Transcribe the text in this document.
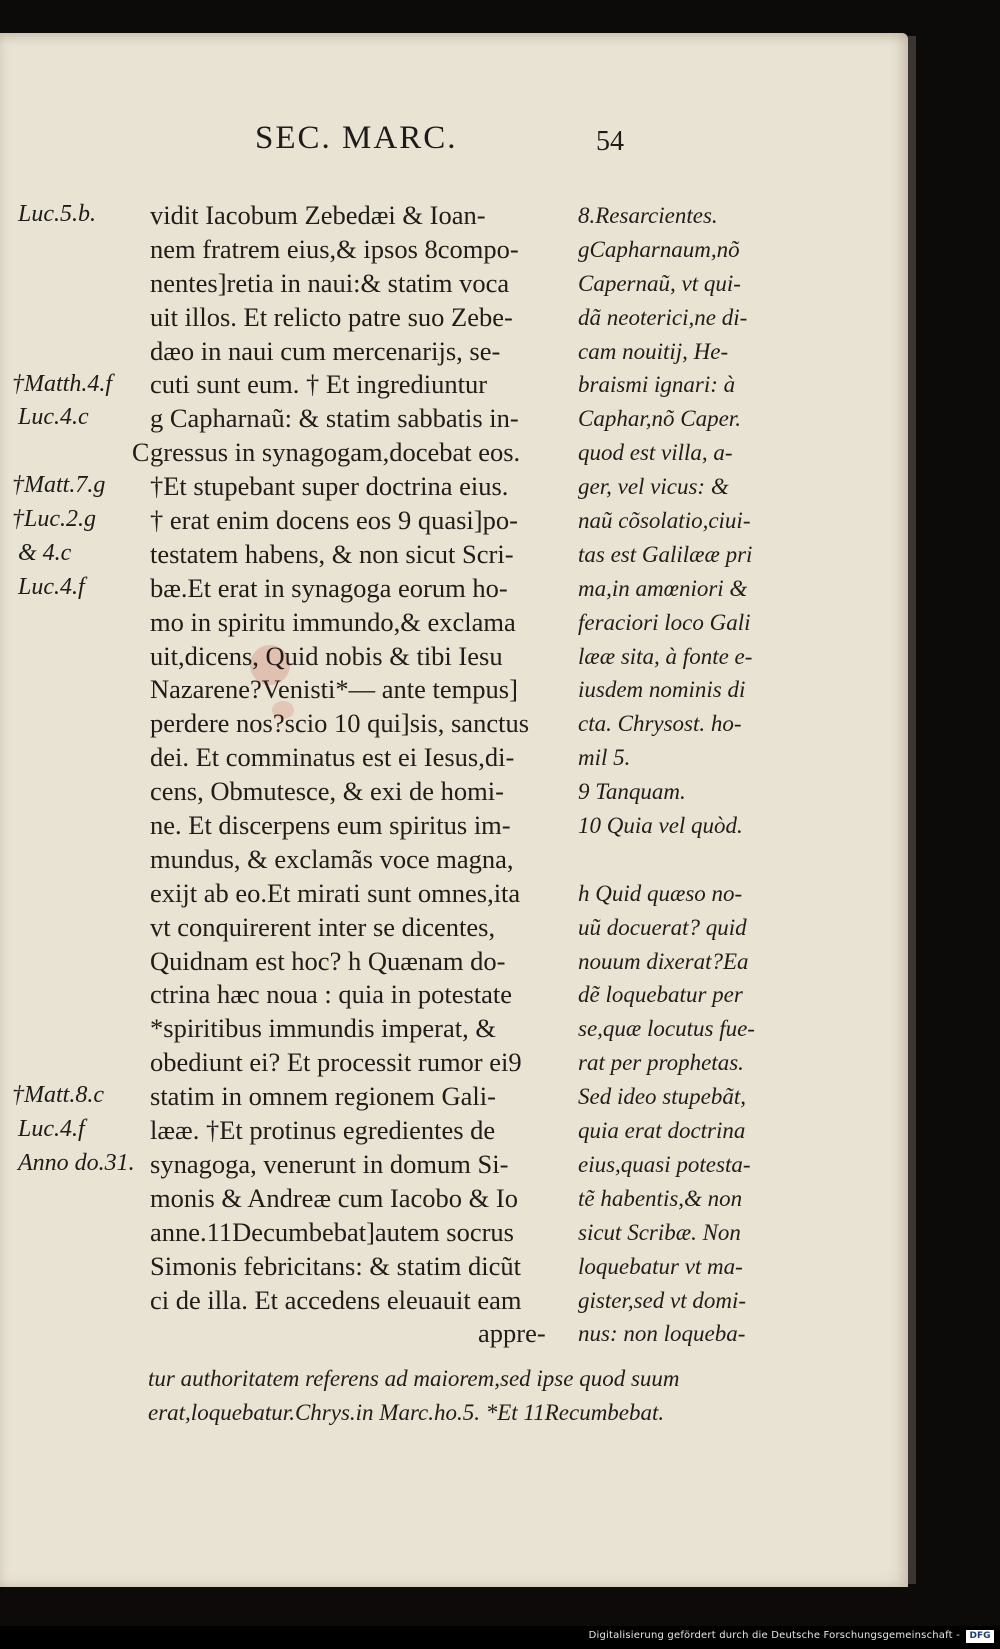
SEC. MARC.	54
Luc.5.b.
†Matth.4.f
Luc.4.c
C
†Matt.7.g
†Luc.2.g
& 4.c
Luc.4.f
†Matt.8.c
Luc.4.f
Anno do.31.
vidit Iacobum Zebedæi & Ioan-
nem fratrem eius,& ipsos 8compo-
nentes]retia in naui:& statim voca
uit illos. Et relicto patre suo Zebe-
dæo in naui cum mercenarijs, se-
cuti sunt eum. † Et ingrediuntur
g Capharnaũ: & statim sabbatis in-
gressus in synagogam,docebat eos.
†Et stupebant super doctrina eius.
† erat enim docens eos 9 quasi]po-
testatem habens, & non sicut Scri-
bæ.Et erat in synagoga eorum ho-
mo in spiritu immundo,& exclama
uit,dicens, Quid nobis & tibi Iesu
Nazarene?Venisti*— ante tempus]
perdere nos?scio 10 qui]sis, sanctus
dei. Et comminatus est ei Iesus,di-
cens, Obmutesce, & exi de homi-
ne. Et discerpens eum spiritus im-
mundus, & exclamãs voce magna,
exijt ab eo.Et mirati sunt omnes,ita
vt conquirerent inter se dicentes,
Quidnam est hoc? h Quænam do-
ctrina hæc noua : quia in potestate
*spiritibus immundis imperat, &
obediunt ei? Et processit rumor ei9
statim in omnem regionem Gali-
lææ. †Et protinus egredientes de
synagoga, venerunt in domum Si-
monis & Andreæ cum Iacobo & Io
anne.11Decumbebat]autem socrus
Simonis febricitans: & statim dicũt
ci de illa. Et accedens eleuauit eam
appre-
8.Resarcientes.
gCapharnaum,nõ
Capernaũ, vt qui-
dã neoterici,ne di-
cam nouitij, He-
braismi ignari: à
Caphar,nõ Caper.
quod est villa, a-
ger, vel vicus: &
naũ cõsolatio,ciui-
tas est Galilææ pri
ma,in amœniori &
feraciori loco Gali
lææ sita, à fonte e-
iusdem nominis di
cta. Chrysost. ho-
mil 5.
9 Tanquam.
10 Quia vel quòd.
h Quid quæso no-
uũ docuerat? quid
nouum dixerat?Ea
dẽ loquebatur per
se,quæ locutus fue-
rat per prophetas.
Sed ideo stupebãt,
quia erat doctrina
eius,quasi potesta-
tẽ habentis,& non
sicut Scribæ. Non
loquebatur vt ma-
gister,sed vt domi-
nus: non loqueba-
tur authoritatem referens ad maiorem,sed ipse quod suum
erat,loquebatur.Chrys.in Marc.ho.5. *Et 11Recumbebat.
Digitalisierung gefördert durch die Deutsche Forschungsgemeinschaft -	DFG
